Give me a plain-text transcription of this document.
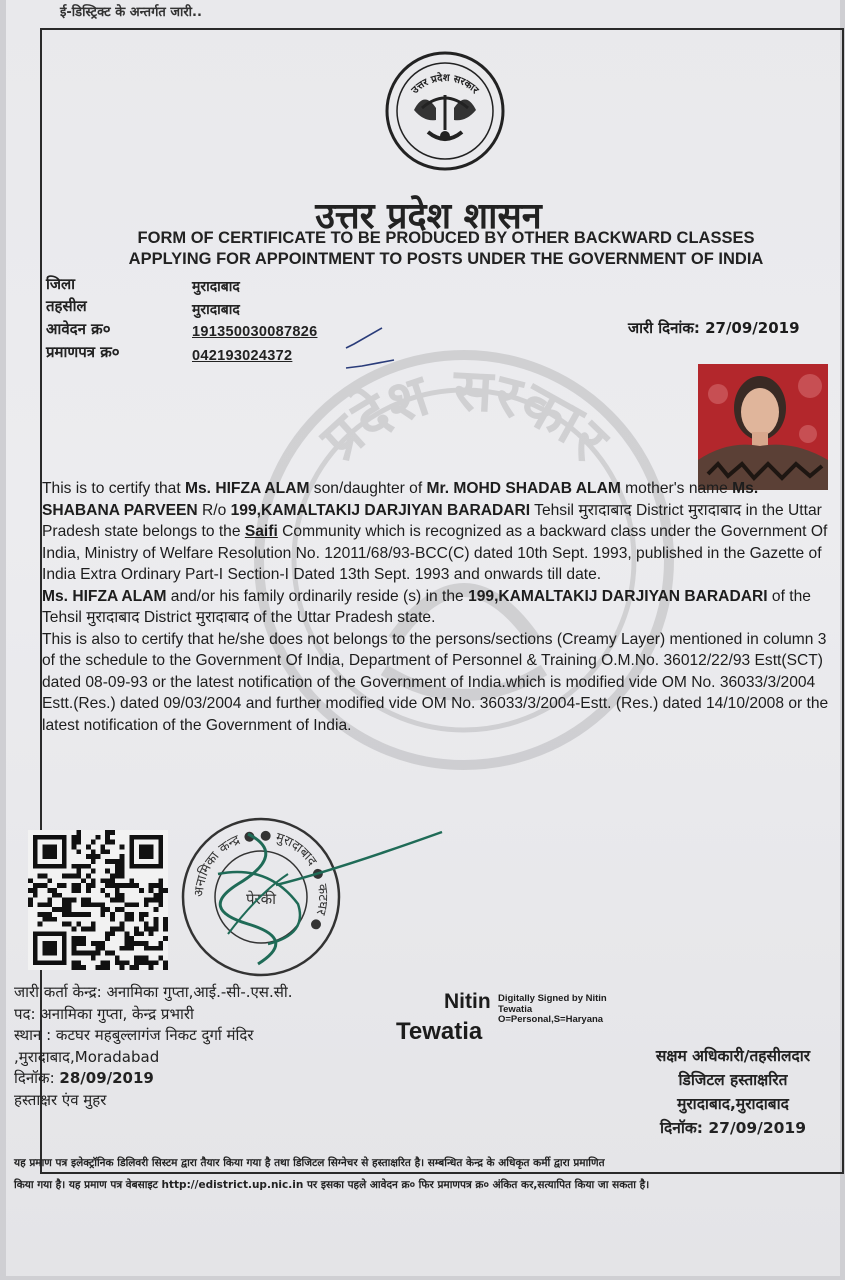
ई-डिस्ट्रिक्ट के अन्तर्गत जारी..
प्रदेश सरकार
उत्तर प्रदेश सरकार
उत्तर प्रदेश शासन
FORM OF CERTIFICATE TO BE PRODUCED BY OTHER BACKWARD CLASSES
APPLYING FOR APPOINTMENT TO POSTS UNDER THE GOVERNMENT OF INDIA
जिला	मुरादाबाद
तहसील	मुरादाबाद
आवेदन क्र०	191350030087826
प्रमाणपत्र क्र०	042193024372
जारी दिनांक: 27/09/2019

This is to certify that Ms. HIFZA ALAM son/daughter of Mr. MOHD SHADAB ALAM mother's name Ms. SHABANA PARVEEN R/o 199,KAMALTAKIJ DARJIYAN BARADARI Tehsil मुरादाबाद District मुरादाबाद in the Uttar Pradesh state belongs to the Saifi Community which is recognized as a backward class under the Government Of India, Ministry of Welfare Resolution No. 12011/68/93-BCC(C) dated 10th Sept. 1993, published in the Gazette of India Extra Ordinary Part-I Section-I Dated 13th Sept. 1993 and onwards till date.

Ms. HIFZA ALAM and/or his family ordinarily reside (s) in the 199,KAMALTAKIJ DARJIYAN BARADARI of the Tehsil मुरादाबाद District मुरादाबाद of the Uttar Pradesh state.

This is also to certify that he/she does not belongs to the persons/sections (Creamy Layer) mentioned in column 3 of the schedule to the Government Of India, Department of Personnel & Training O.M.No. 36012/22/93 Estt(SCT) dated 08-09-93 or the latest notification of the Government of India.which is modified vide OM No. 36033/3/2004 Estt.(Res.) dated 09/03/2004 and further modified vide OM No. 36033/3/2004-Estt. (Res.) dated 14/10/2008 or the latest notification of the Government of India.

अनामिका कन्द्र ● ● मुरादाबाद ● कटघर ●
पेरकी
जारी कर्ता केन्द्र: अनामिका गुप्ता,आई.-सी-.एस.सी.
पद: अनामिका गुप्ता, केन्द्र प्रभारी
स्थान : कटघर महबुल्लागंज निकट दुर्गा मंदिर
,मुरादाबाद,Moradabad
दिनॉक: 28/09/2019
हस्ताक्षर एंव मुहर
Nitin
Tewatia
Digitally Signed by Nitin
Tewatia
O=Personal,S=Haryana
सक्षम अधिकारी/तहसीलदार
डिजिटल हस्ताक्षरित
मुरादाबाद,मुरादाबाद
दिनॉक: 27/09/2019
यह प्रमाण पत्र इलेक्ट्रॉनिक डिलिवरी सिस्टम द्वारा तैयार किया गया है तथा डिजिटल सिग्नेचर से हस्ताक्षरित है। सम्बन्धित केन्द्र के अधिकृत कर्मी द्वारा प्रमाणित
किया गया है। यह प्रमाण पत्र वेबसाइट http://edistrict.up.nic.in पर इसका पहले आवेदन क्र० फिर प्रमाणपत्र क्र० अंकित कर,सत्यापित किया जा सकता है।
